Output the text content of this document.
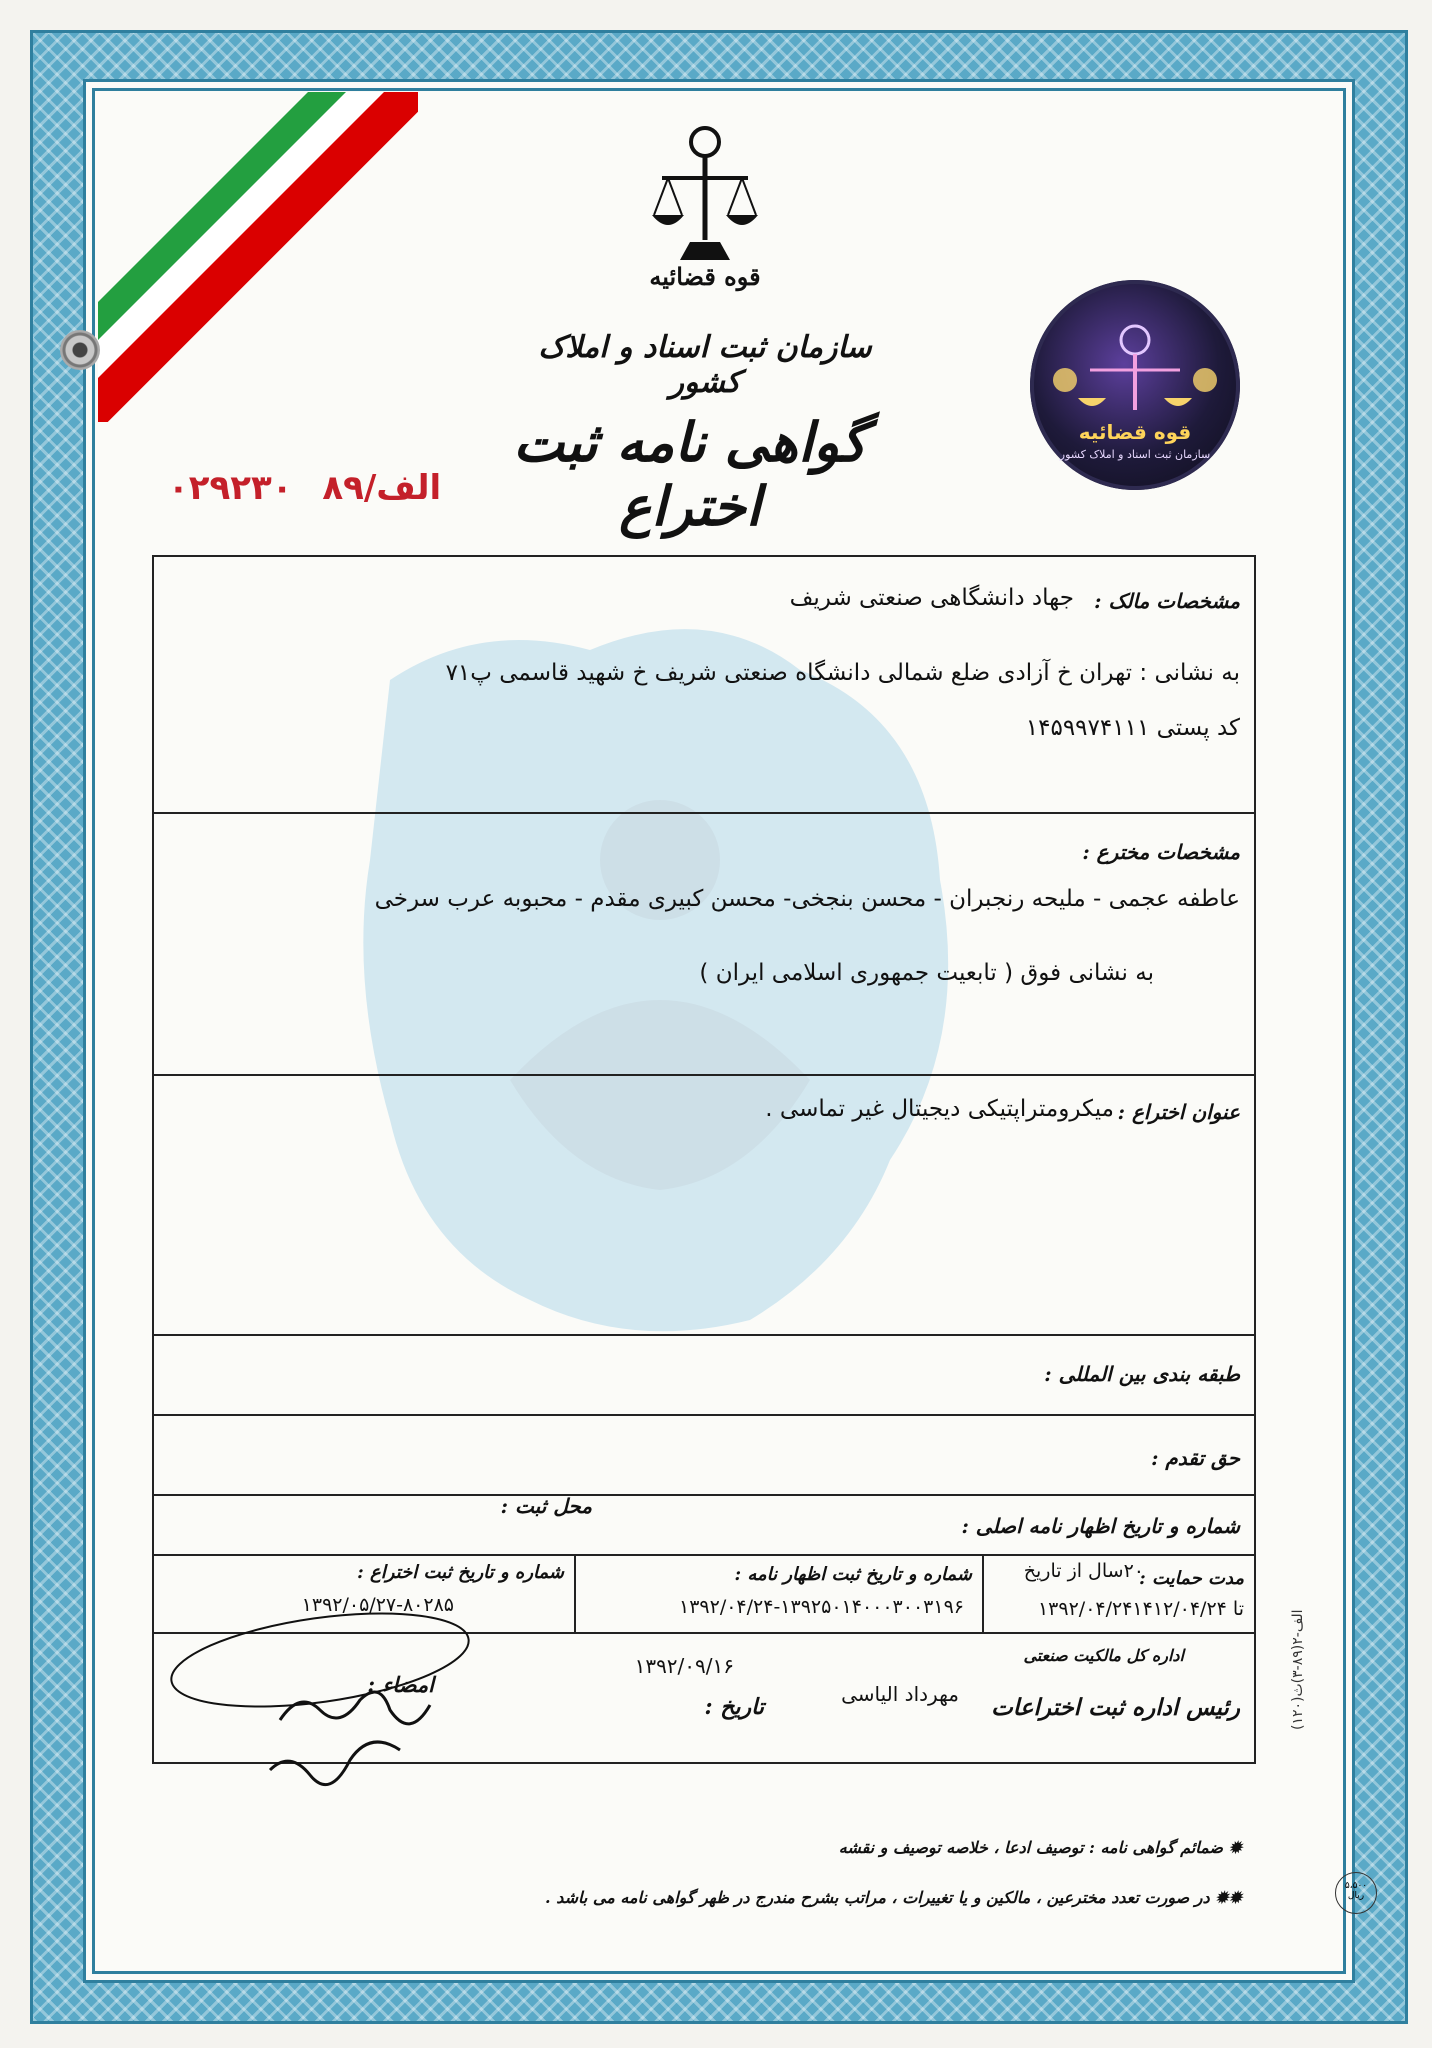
قوه قضائیه
سازمان ثبت اسناد و املاک کشور
گواهی نامه ثبت اختراع
الف/۸۹ ۰۲۹۲۳۰
قوه قضائیه
سازمان ثبت اسناد و املاک کشور
مشخصات مالک :
جهاد دانشگاهی صنعتی شریف
به نشانی : تهران خ آزادی ضلع شمالی دانشگاه صنعتی شریف خ شهید قاسمی پ۷۱
کد پستی ۱۴۵۹۹۷۴۱۱۱
مشخصات مخترع :
عاطفه عجمی - ملیحه رنجبران - محسن بنجخی- محسن کبیری مقدم - محبوبه عرب سرخی
به نشانی فوق ( تابعیت جمهوری اسلامی ایران )
عنوان اختراع :
میکرومتراپتیکی دیجیتال غیر تماسی .
طبقه بندی بین المللی :
حق تقدم :
شماره و تاریخ اظهار نامه اصلی :
محل ثبت :
مدت حمایت :
۲۰سال از تاریخ
۱۳۹۲/۰۴/۲۴تا ۱۴۱۲/۰۴/۲۴
شماره و تاریخ ثبت اظهار نامه :
۱۳۹۲/۰۴/۲۴-۱۳۹۲۵۰۱۴۰۰۰۳۰۰۳۱۹۶
شماره و تاریخ ثبت اختراع :
۱۳۹۲/۰۵/۲۷-۸۰۲۸۵
اداره کل مالکیت صنعتی
رئیس اداره ثبت اختراعات
مهرداد الیاسی
تاریخ :
۱۳۹۲/۰۹/۱۶
امضاء :
✹ ضمائم گواهی نامه : توصیف ادعا ، خلاصه توصیف و نقشه
✹✹ در صورت تعدد مخترعین ، مالکین و یا تغییرات ، مراتب بشرح مندرج در ظهر گواهی نامه می باشد .
(۱۲۰)الف-۲(۸۹-۳)ث
۵،۵۰۰ ریال
